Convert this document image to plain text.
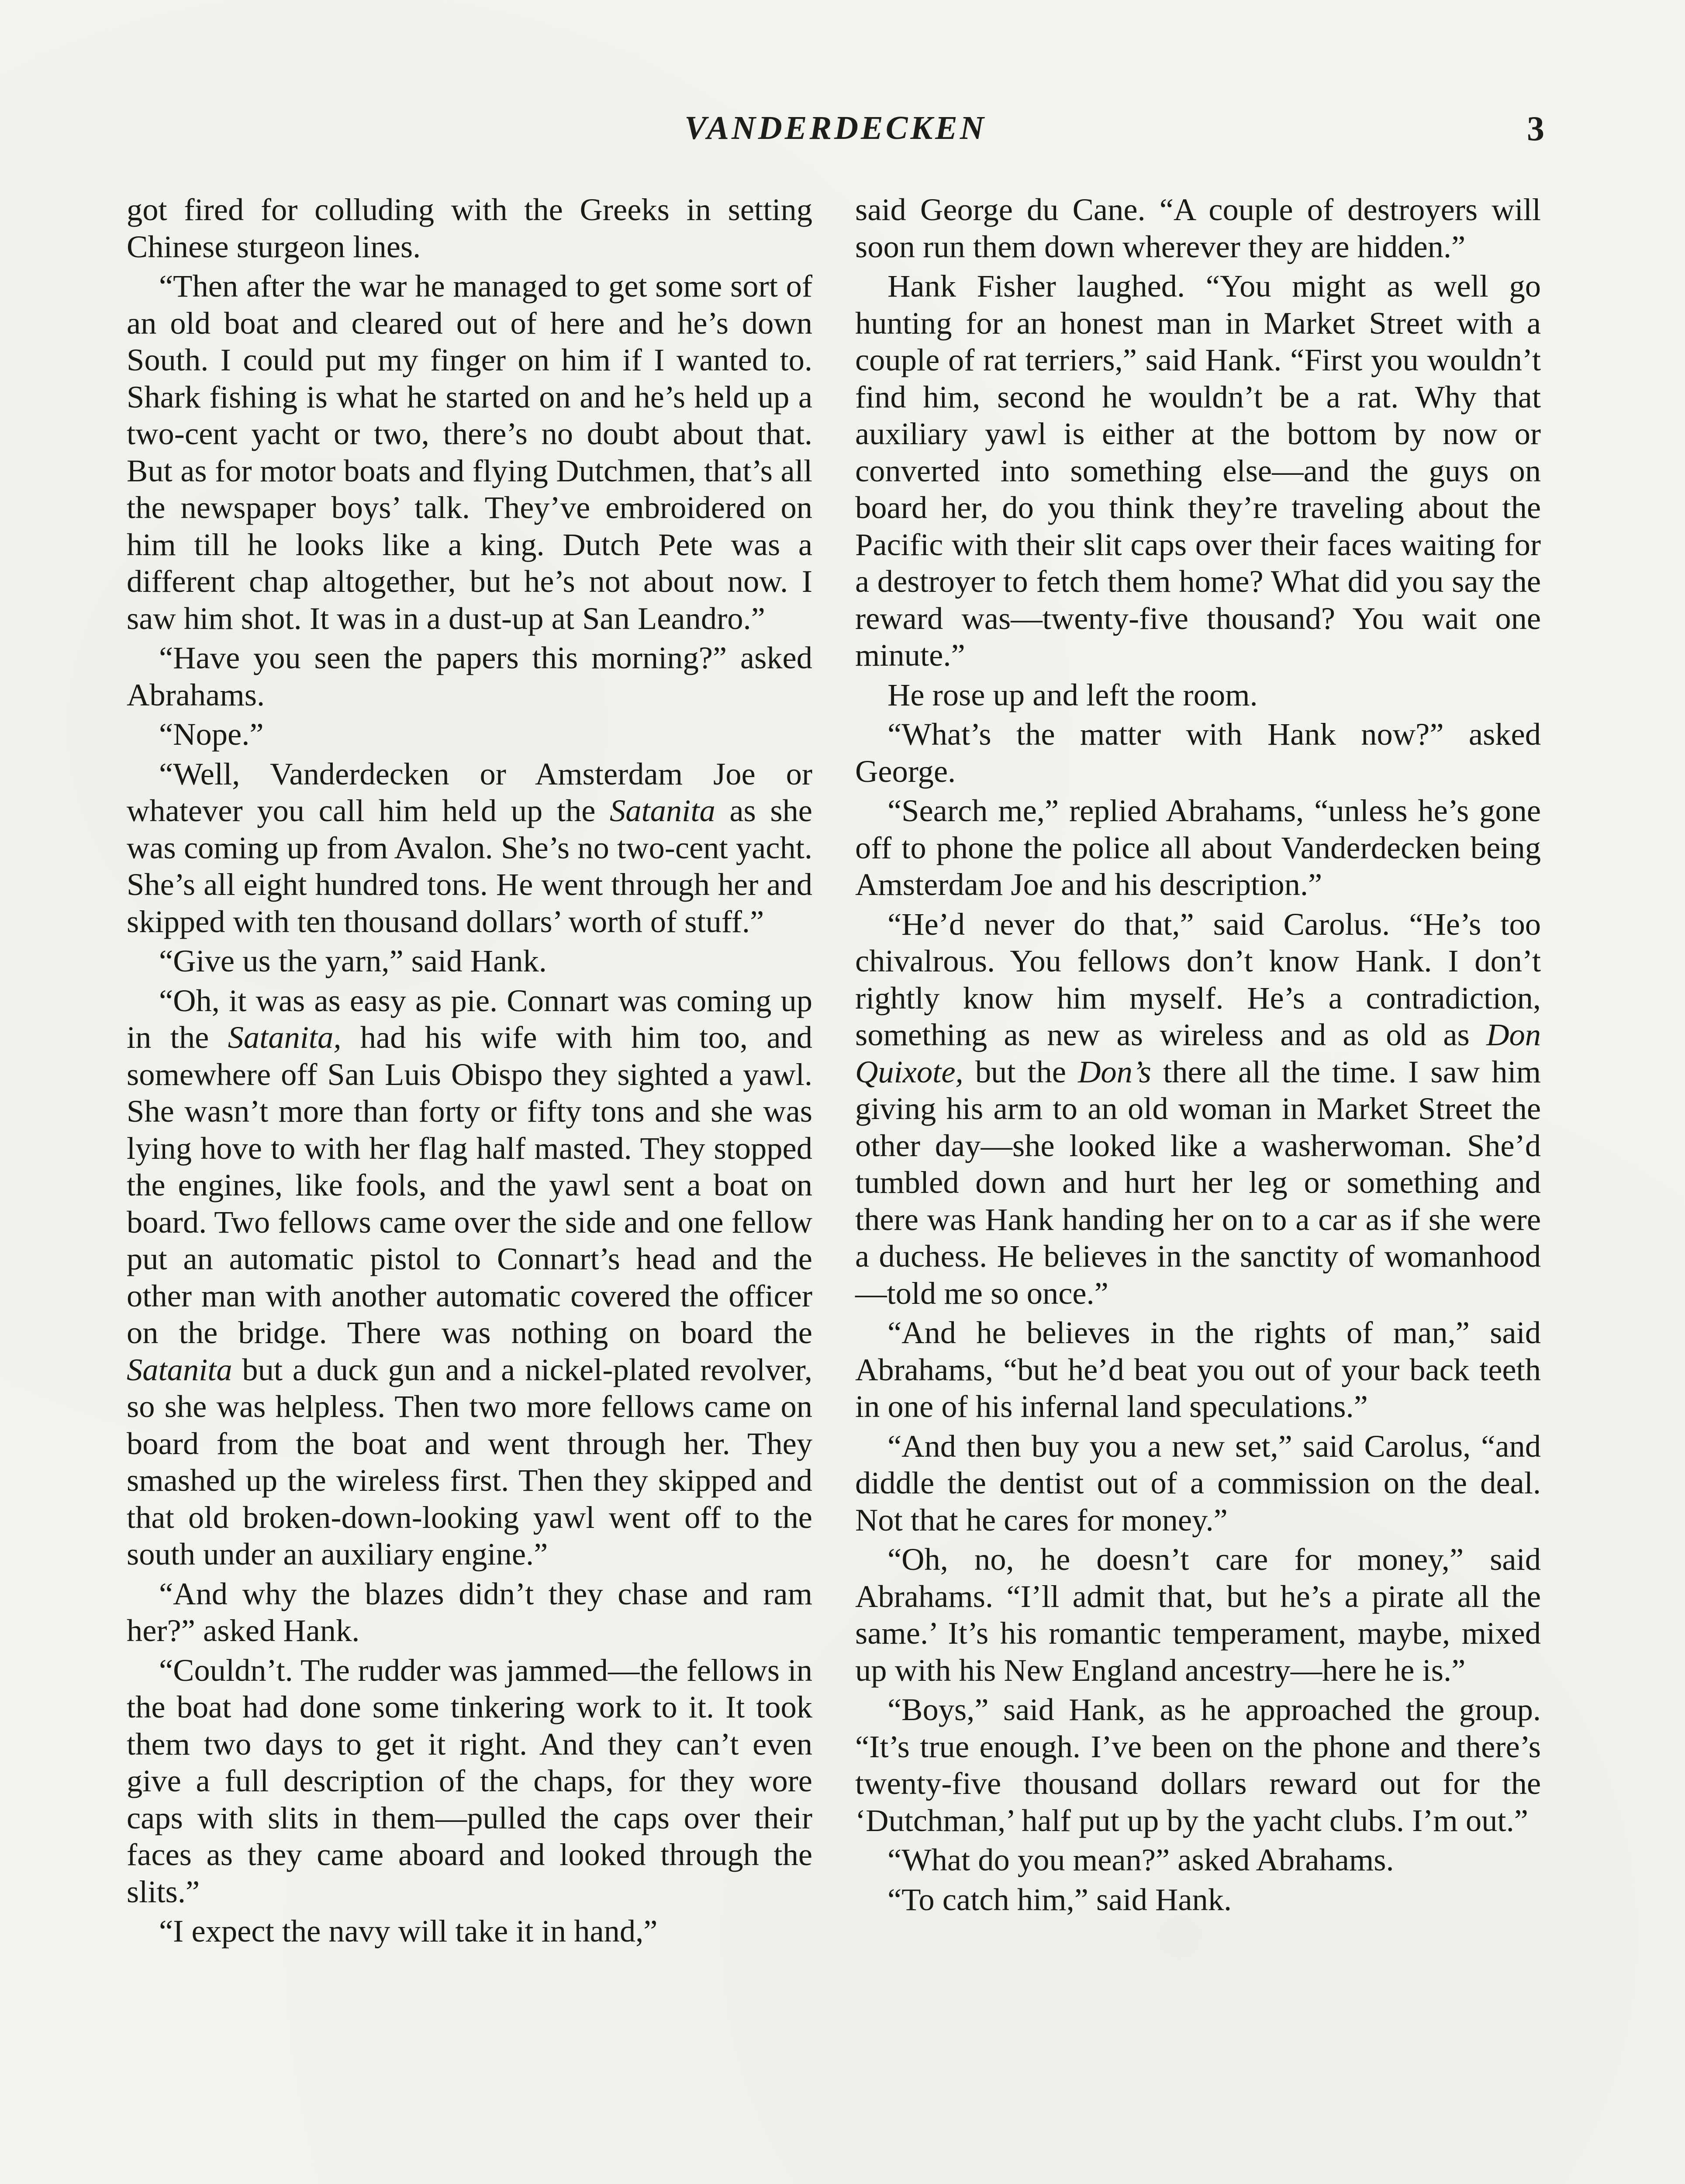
VANDERDECKEN	3

got fired for colluding with the Greeks in setting Chinese sturgeon lines.

“Then after the war he managed to get some sort of an old boat and cleared out of here and he’s down South. I could put my finger on him if I wanted to. Shark fishing is what he started on and he’s held up a two-cent yacht or two, there’s no doubt about that. But as for motor boats and flying Dutchmen, that’s all the newspaper boys’ talk. They’ve embroidered on him till he looks like a king. Dutch Pete was a different chap altogether, but he’s not about now. I saw him shot. It was in a dust-up at San Leandro.”

“Have you seen the papers this morning?” asked Abrahams.

“Nope.”

“Well, Vanderdecken or Amsterdam Joe or whatever you call him held up the Satanita as she was coming up from Avalon. She’s no two-cent yacht. She’s all eight hundred tons. He went through her and skipped with ten thousand dollars’ worth of stuff.”

“Give us the yarn,” said Hank.

“Oh, it was as easy as pie. Connart was coming up in the Satanita, had his wife with him too, and somewhere off San Luis Obispo they sighted a yawl. She wasn’t more than forty or fifty tons and she was lying hove to with her flag half masted. They stopped the engines, like fools, and the yawl sent a boat on board. Two fellows came over the side and one fellow put an automatic pistol to Connart’s head and the other man with another automatic covered the officer on the bridge. There was nothing on board the Satanita but a duck gun and a nickel-plated revolver, so she was helpless. Then two more fellows came on board from the boat and went through her. They smashed up the wireless first. Then they skipped and that old broken-down-looking yawl went off to the south under an auxiliary engine.”

“And why the blazes didn’t they chase and ram her?” asked Hank.

“Couldn’t. The rudder was jammed—the fellows in the boat had done some tinkering work to it. It took them two days to get it right. And they can’t even give a full description of the chaps, for they wore caps with slits in them—pulled the caps over their faces as they came aboard and looked through the slits.”

“I expect the navy will take it in hand,”

said George du Cane. “A couple of destroyers will soon run them down wherever they are hidden.”

Hank Fisher laughed. “You might as well go hunting for an honest man in Market Street with a couple of rat terriers,” said Hank. “First you wouldn’t find him, second he wouldn’t be a rat. Why that auxiliary yawl is either at the bottom by now or converted into something else—and the guys on board her, do you think they’re traveling about the Pacific with their slit caps over their faces waiting for a destroyer to fetch them home? What did you say the reward was—twenty-five thousand? You wait one minute.”

He rose up and left the room.

“What’s the matter with Hank now?” asked George.

“Search me,” replied Abrahams, “unless he’s gone off to phone the police all about Vanderdecken being Amsterdam Joe and his description.”

“He’d never do that,” said Carolus. “He’s too chivalrous. You fellows don’t know Hank. I don’t rightly know him myself. He’s a contradiction, something as new as wireless and as old as Don Quixote, but the Don’s there all the time. I saw him giving his arm to an old woman in Market Street the other day—she looked like a washerwoman. She’d tumbled down and hurt her leg or something and there was Hank handing her on to a car as if she were a duchess. He believes in the sanctity of womanhood—told me so once.”

“And he believes in the rights of man,” said Abrahams, “but he’d beat you out of your back teeth in one of his infernal land speculations.”

“And then buy you a new set,” said Carolus, “and diddle the dentist out of a commission on the deal. Not that he cares for money.”

“Oh, no, he doesn’t care for money,” said Abrahams. “I’ll admit that, but he’s a pirate all the same.’ It’s his romantic temperament, maybe, mixed up with his New England ancestry—here he is.”

“Boys,” said Hank, as he approached the group. “It’s true enough. I’ve been on the phone and there’s twenty-five thousand dollars reward out for the ‘Dutchman,’ half put up by the yacht clubs. I’m out.”

“What do you mean?” asked Abrahams.

“To catch him,” said Hank.
